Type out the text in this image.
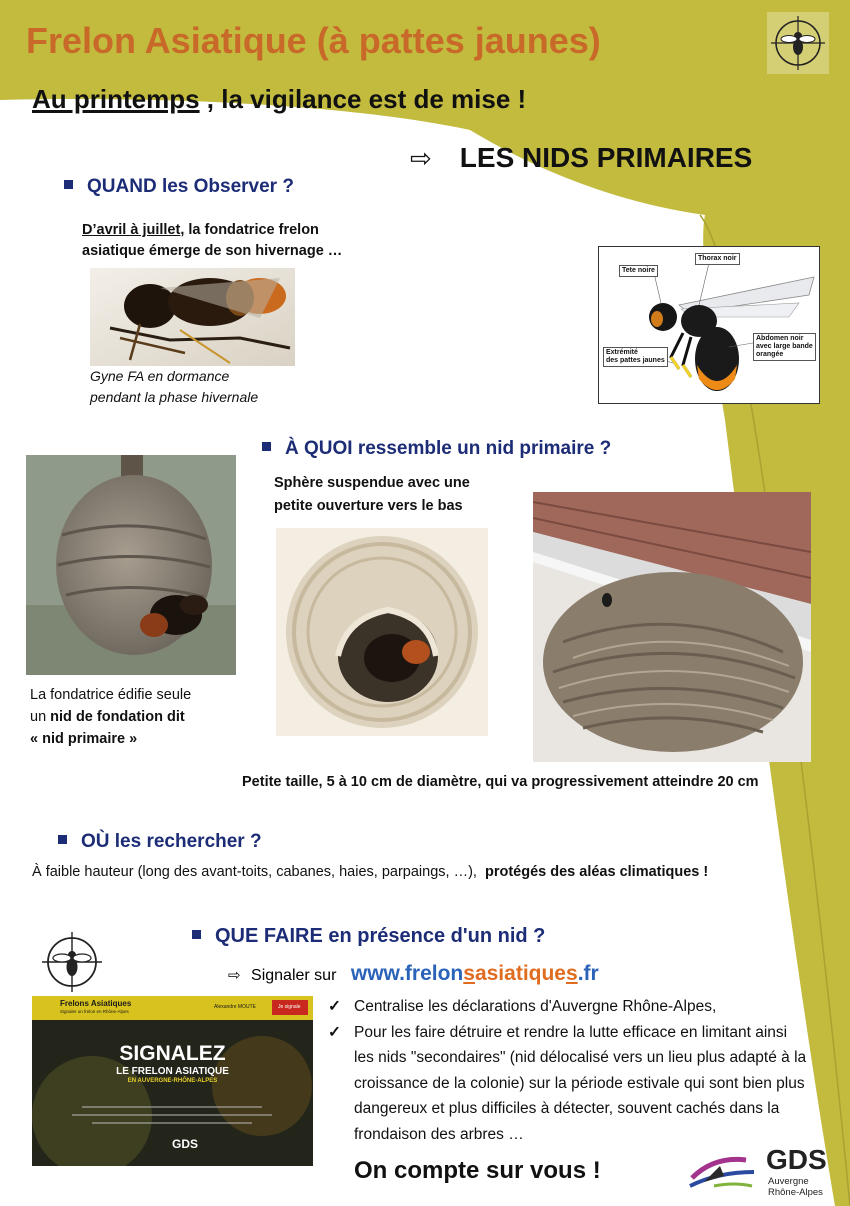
Frelon Asiatique (à pattes jaunes)
Au printemps , la vigilance est de mise !
⇨ LES NIDS PRIMAIRES
QUAND les Observer ?
D’avril à juillet, la fondatrice frelon
asiatique émerge de son hivernage …
Gyne FA en dormance
pendant la phase hivernale
Tete noire
Thorax noir
Abdomen noir
avec large bande
orangée
Extrémité
des pattes jaunes
À QUOI ressemble un nid primaire ?
Sphère suspendue avec une
petite ouverture vers le bas
La fondatrice édifie seule
un nid de fondation dit
« nid primaire »
Petite taille, 5 à 10 cm de diamètre, qui va progressivement atteindre 20 cm
OÙ les rechercher ?
À faible hauteur (long des avant-toits, cabanes, haies, parpaings, …), protégés des aléas climatiques !
QUE FAIRE en présence d'un nid ?
⇨ Signaler sur www.frelonsasiatiques.fr
Frelons Asiatiques
Signaler un frelon en Rhône-Alpes
Alexandre MOUTE	Je signale
SIGNALEZ
LE FRELON ASIATIQUE
EN AUVERGNE-RHÔNE-ALPES
GDS
✓ Centralise les déclarations d'Auvergne Rhône-Alpes,
✓ Pour les faire détruire et rendre la lutte efficace en limitant ainsi les nids "secondaires" (nid délocalisé vers un lieu plus adapté à la croissance de la colonie) sur la période estivale qui sont bien plus dangereux et plus difficiles à détecter, souvent cachés dans la frondaison des arbres …
On compte sur vous !	GDS
Auvergne
Rhône-Alpes
